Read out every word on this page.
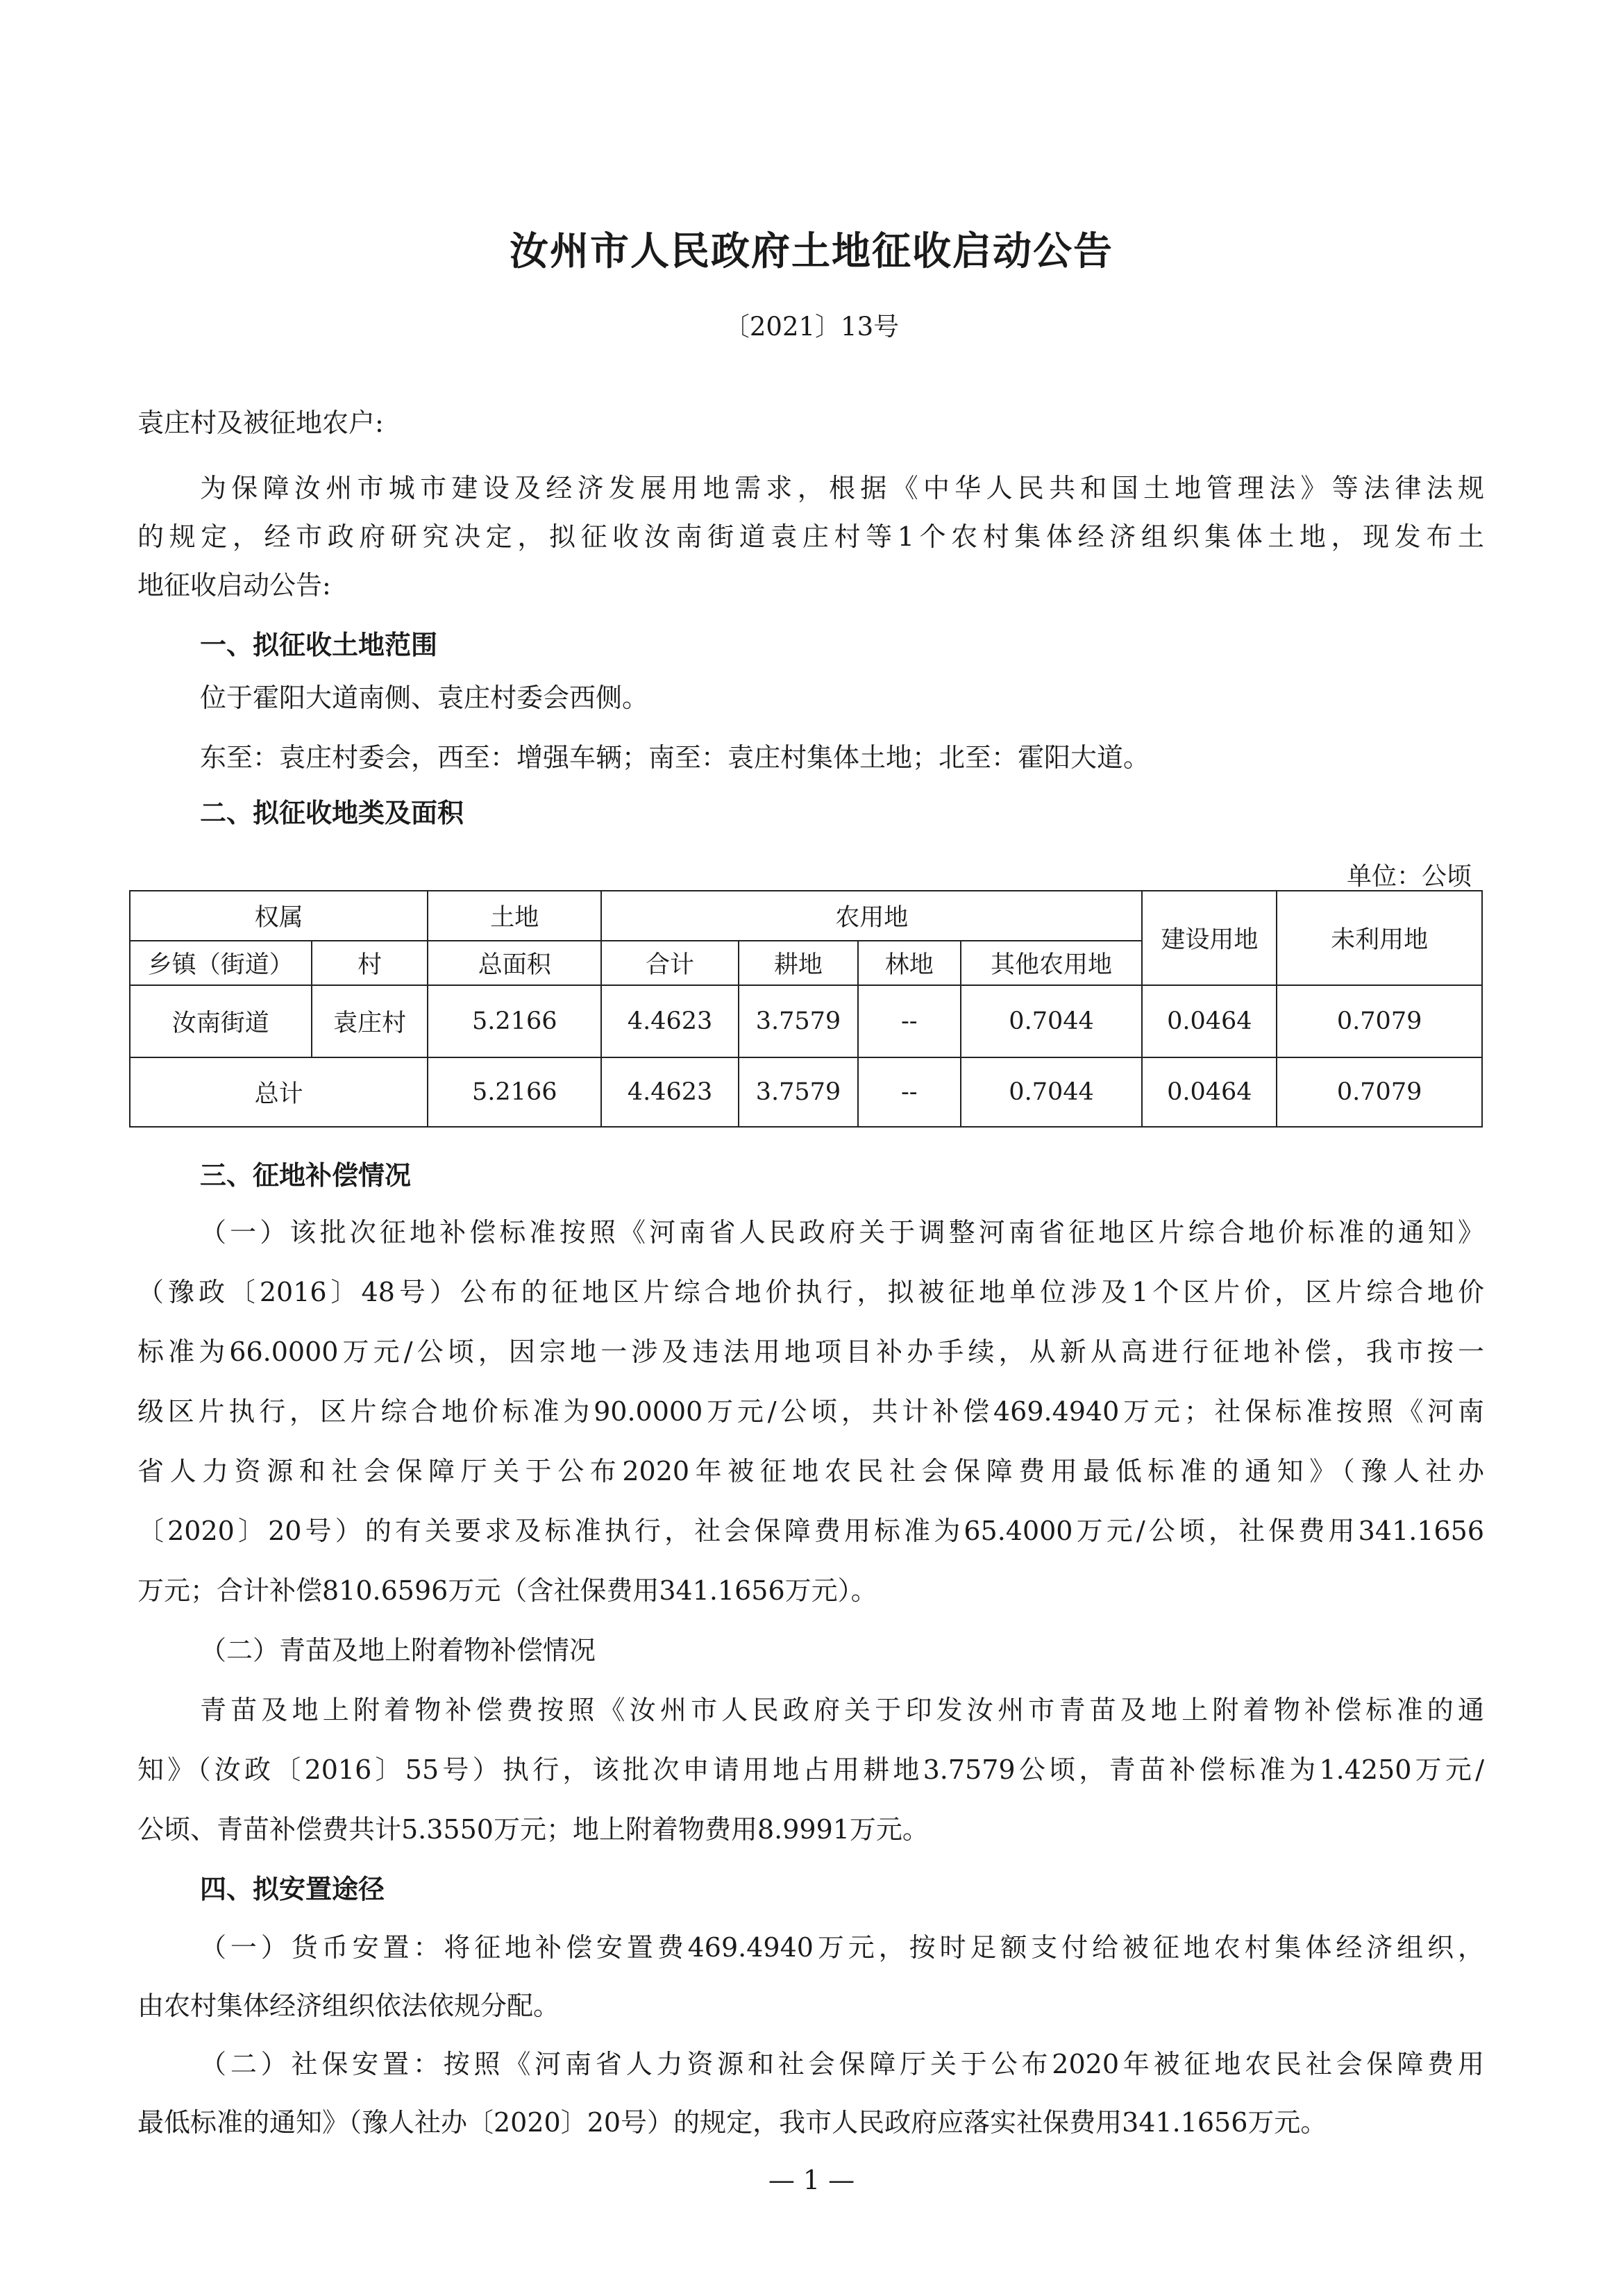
汝州市人民政府土地征收启动公告
〔2021〕13号
袁庄村及被征地农户:
为保障汝州市城市建设及经济发展用地需求，根据《中华人民共和国土地管理法》等法律法规
的规定，经市政府研究决定，拟征收汝南街道袁庄村等1个农村集体经济组织集体土地，现发布土
地征收启动公告:
一、拟征收土地范围
位于霍阳大道南侧、袁庄村委会西侧。
东至：袁庄村委会，西至：增强车辆；南至：袁庄村集体土地；北至：霍阳大道。
二、拟征收地类及面积
单位：公顷
权属		土地	农用地				建设用地	未利用地
乡镇（街道）	村	总面积	合计	耕地	林地	其他农用地		
汝南街道	袁庄村	5.2166	4.4623	3.7579	--	0.7044	0.0464	0.7079
总计		5.2166	4.4623	3.7579	--	0.7044	0.0464	0.7079
三、征地补偿情况
（一）该批次征地补偿标准按照《河南省人民政府关于调整河南省征地区片综合地价标准的通知》
（豫政〔2016〕48号）公布的征地区片综合地价执行，拟被征地单位涉及1个区片价，区片综合地价
标准为66.0000万元/公顷，因宗地一涉及违法用地项目补办手续，从新从高进行征地补偿，我市按一
级区片执行，区片综合地价标准为90.0000万元/公顷，共计补偿469.4940万元；社保标准按照《河南
省人力资源和社会保障厅关于公布2020年被征地农民社会保障费用最低标准的通知》（豫人社办
〔2020〕20号）的有关要求及标准执行，社会保障费用标准为65.4000万元/公顷，社保费用341.1656
万元；合计补偿810.6596万元（含社保费用341.1656万元）。
（二）青苗及地上附着物补偿情况
青苗及地上附着物补偿费按照《汝州市人民政府关于印发汝州市青苗及地上附着物补偿标准的通
知》（汝政〔2016〕55号）执行，该批次申请用地占用耕地3.7579公顷，青苗补偿标准为1.4250万元/
公顷、青苗补偿费共计5.3550万元；地上附着物费用8.9991万元。
四、拟安置途径
（一）货币安置：将征地补偿安置费469.4940万元，按时足额支付给被征地农村集体经济组织，
由农村集体经济组织依法依规分配。
（二）社保安置：按照《河南省人力资源和社会保障厅关于公布2020年被征地农民社会保障费用
最低标准的通知》（豫人社办〔2020〕20号）的规定，我市人民政府应落实社保费用341.1656万元。
— 1 —
